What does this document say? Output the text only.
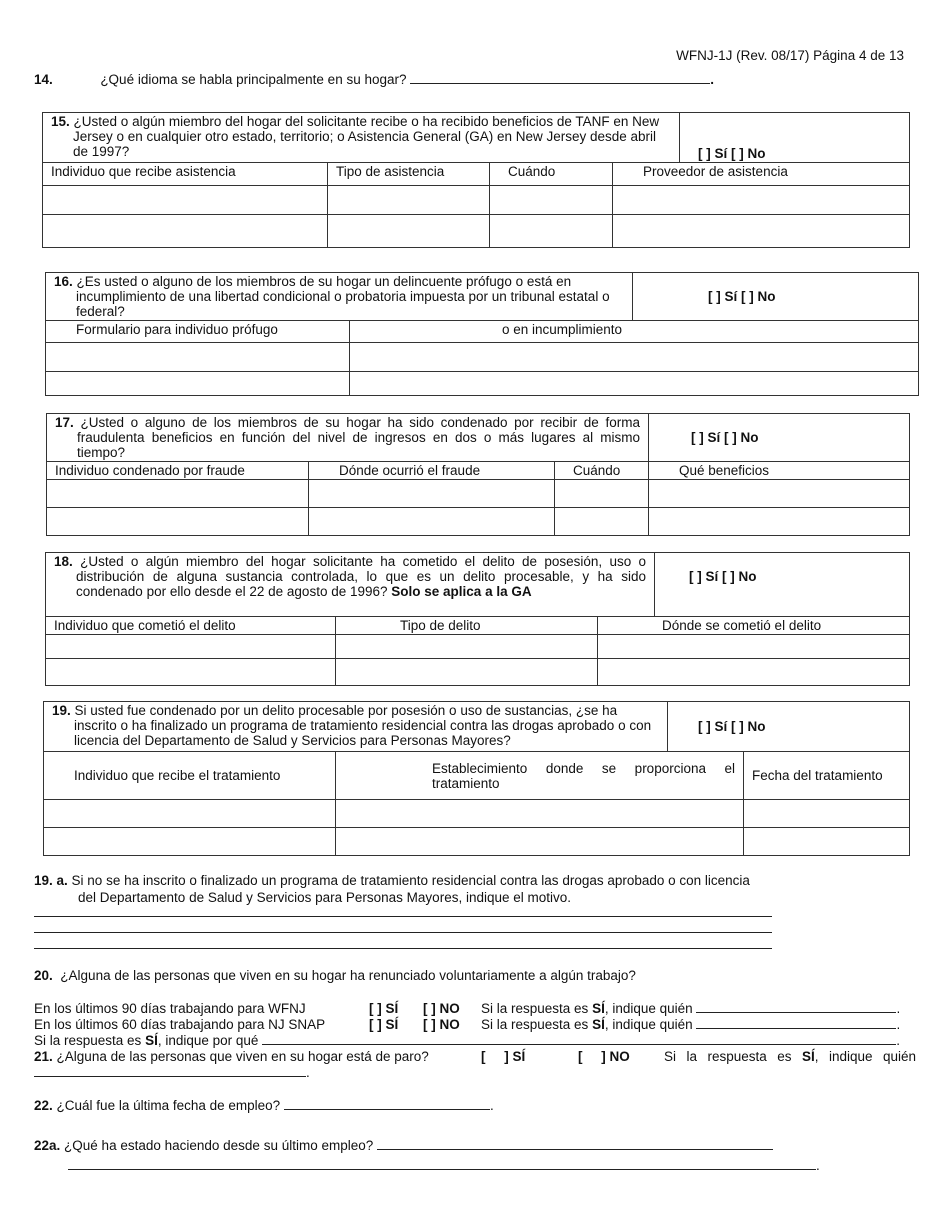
WFNJ-1J (Rev. 08/17) Página 4 de 13
14.	¿Qué idioma se habla principalmente en su hogar?	.
15. ¿Usted o algún miembro del hogar del solicitante recibe o ha recibido beneficios de TANF en New Jersey o en cualquier otro estado, territorio; o Asistencia General (GA) en New Jersey desde abril de 1997?				[ ] Sí [ ] No
Individuo que recibe asistencia	Tipo de asistencia	Cuándo	Proveedor de asistencia	

16. ¿Es usted o alguno de los miembros de su hogar un delincuente prófugo o está en incumplimiento de una libertad condicional o probatoria impuesta por un tribunal estatal o federal?		[ ] Sí [ ] No
Formulario para individuo prófugo	o en incumplimiento	

17. ¿Usted o alguno de los miembros de su hogar ha sido condenado por recibir de forma fraudulenta beneficios en función del nivel de ingresos en dos o más lugares al mismo tiempo?			[ ] Sí [ ] No
Individuo condenado por fraude	Dónde ocurrió el fraude	Cuándo	Qué beneficios

18. ¿Usted o algún miembro del hogar solicitante ha cometido el delito de posesión, uso o distribución de alguna sustancia controlada, lo que es un delito procesable, y ha sido condenado por ello desde el 22 de agosto de 1996? Solo se aplica a la GA			[ ] Sí [ ] No
Individuo que cometió el delito	Tipo de delito	Dónde se cometió el delito	

19. Si usted fue condenado por un delito procesable por posesión o uso de sustancias, ¿se ha inscrito o ha finalizado un programa de tratamiento residencial contra las drogas aprobado o con licencia del Departamento de Salud y Servicios para Personas Mayores?		[ ] Sí [ ] No	
Individuo que recibe el tratamiento	Establecimiento donde se proporciona el tratamiento		Fecha del tratamiento

19. a. Si no se ha inscrito o finalizado un programa de tratamiento residencial contra las drogas aprobado o con licencia del Departamento de Salud y Servicios para Personas Mayores, indique el motivo.
20. ¿Alguna de las personas que viven en su hogar ha renunciado voluntariamente a algún trabajo?
En los últimos 90 días trabajando para WFNJ	[ ] SÍ [ ] NO Si la respuesta es SÍ, indique quién	.
En los últimos 60 días trabajando para NJ SNAP	[ ] SÍ [ ] NO Si la respuesta es SÍ, indique quién	.
Si la respuesta es SÍ, indique por qué	.
21. ¿Alguna de las personas que viven en su hogar está de paro?	[     ] SÍ	[     ] NO	Si la respuesta es SÍ, indique quién
.
22. ¿Cuál fue la última fecha de empleo?	.
22a. ¿Qué ha estado haciendo desde su último empleo?
.
